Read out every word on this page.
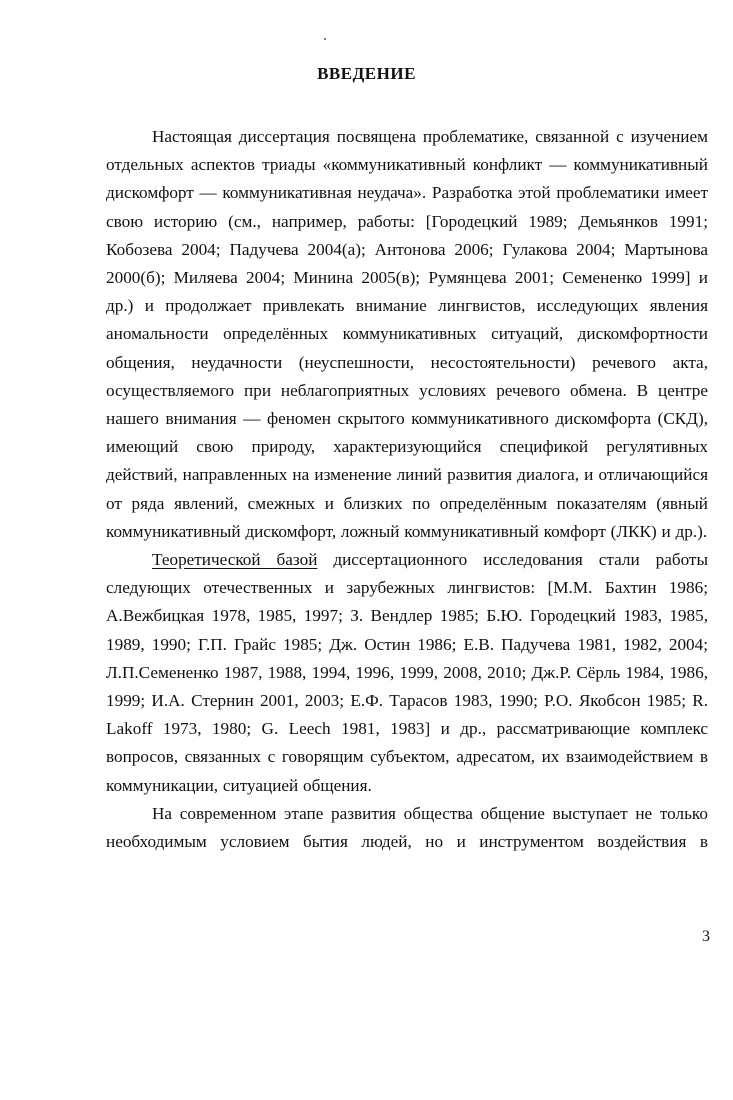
ВВЕДЕНИЕ

Настоящая диссертация посвящена проблематике, связанной с изучением отдельных аспектов триады «коммуникативный конфликт — коммуникативный дискомфорт — коммуникативная неудача». Разработка этой проблематики имеет свою историю (см., например, работы: [Городецкий 1989; Демьянков 1991; Кобозева 2004; Падучева 2004(а); Антонова 2006; Гулакова 2004; Мартынова 2000(б); Миляева 2004; Минина 2005(в); Румянцева 2001; Семененко 1999] и др.) и продолжает привлекать внимание лингвистов, исследующих явления аномальности определённых коммуникативных ситуаций, дискомфортности общения, неудачности (неуспешности, несостоятельности) речевого акта, осуществляемого при неблагоприятных условиях речевого обмена. В центре нашего внимания — феномен скрытого коммуникативного дискомфорта (СКД), имеющий свою природу, характеризующийся спецификой регулятивных действий, направленных на изменение линий развития диалога, и отличающийся от ряда явлений, смежных и близких по определённым показателям (явный коммуникативный дискомфорт, ложный коммуникативный комфорт (ЛКК) и др.).

Теоретической базой диссертационного исследования стали работы следующих отечественных и зарубежных лингвистов: [М.М. Бахтин 1986; А.Вежбицкая 1978, 1985, 1997; З. Вендлер 1985; Б.Ю. Городецкий 1983, 1985, 1989, 1990; Г.П. Грайс 1985; Дж. Остин 1986; Е.В. Падучева 1981, 1982, 2004; Л.П.Семененко 1987, 1988, 1994, 1996, 1999, 2008, 2010; Дж.Р. Сёрль 1984, 1986, 1999; И.А. Стернин 2001, 2003; Е.Ф. Тарасов 1983, 1990; Р.О. Якобсон 1985; R. Lakoff 1973, 1980; G. Leech 1981, 1983] и др., рассматривающие комплекс вопросов, связанных с говорящим субъектом, адресатом, их взаимодействием в коммуникации, ситуацией общения.

На современном этапе развития общества общение выступает не только необходимым условием бытия людей, но и инструментом воздействия в

3
